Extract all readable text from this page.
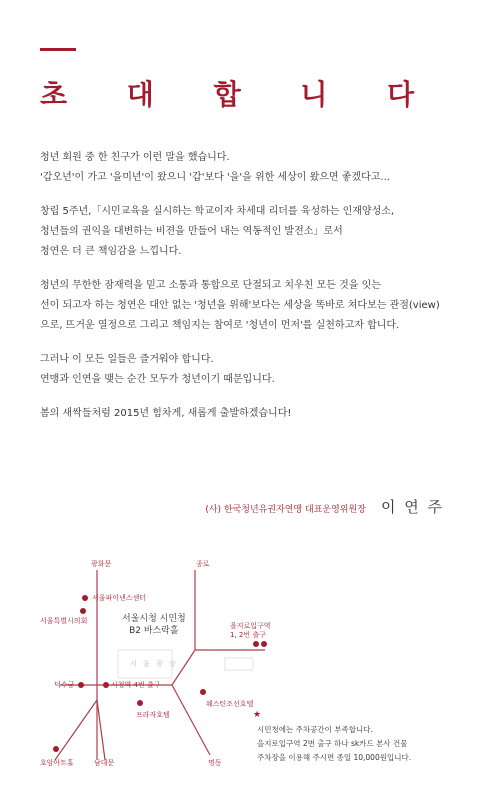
초 대 합 니 다
청년 회원 중 한 친구가 이런 말을 했습니다.
'갑오년'이 가고 '을미년'이 왔으니 '갑'보다 '을'을 위한 세상이 왔으면 좋겠다고...
창립 5주년,「시민교육을 실시하는 학교이자 차세대 리더를 육성하는 인재양성소,
청년들의 권익을 대변하는 비젼을 만들어 내는 역동적인 발전소」로서
청연은 더 큰 책임감을 느낍니다.
청년의 무한한 잠재력을 믿고 소통과 통합으로 단절되고 치우친 모든 것을 잇는
선이 되고자 하는 청연은 대안 없는 '청년을 위해'보다는 세상을 똑바로 쳐다보는 관점(view)
으로, 뜨거운 열정으로 그리고 책임지는 참여로 '청년이 먼저'를 실천하고자 합니다.
그러나 이 모든 일들은 즐거워야 합니다.
연맹과 인연을 맺는 순간 모두가 청년이기 때문입니다.
봄의 새싹들처럼 2015년 힘차게, 새롭게 출발하겠습니다!
(사) 한국청년유권자연맹 대표운영위원장 이 연 주
광화문	종로
서울파이낸스센터
서울특별시의회	서울시청 시민청
B2 바스락홀	을지로입구역
1, 2번 출구
서 울 광 장
덕수궁	시청역 4번 출구
웨스틴조선호텔
프라자호텔
호암아트홀	남대문	명동
★
시민청에는 주차공간이 부족합니다.
을지로입구역 2번 출구 하나 sk카드 본사 건물
주차장을 이용해 주시면 종일 10,000원입니다.
